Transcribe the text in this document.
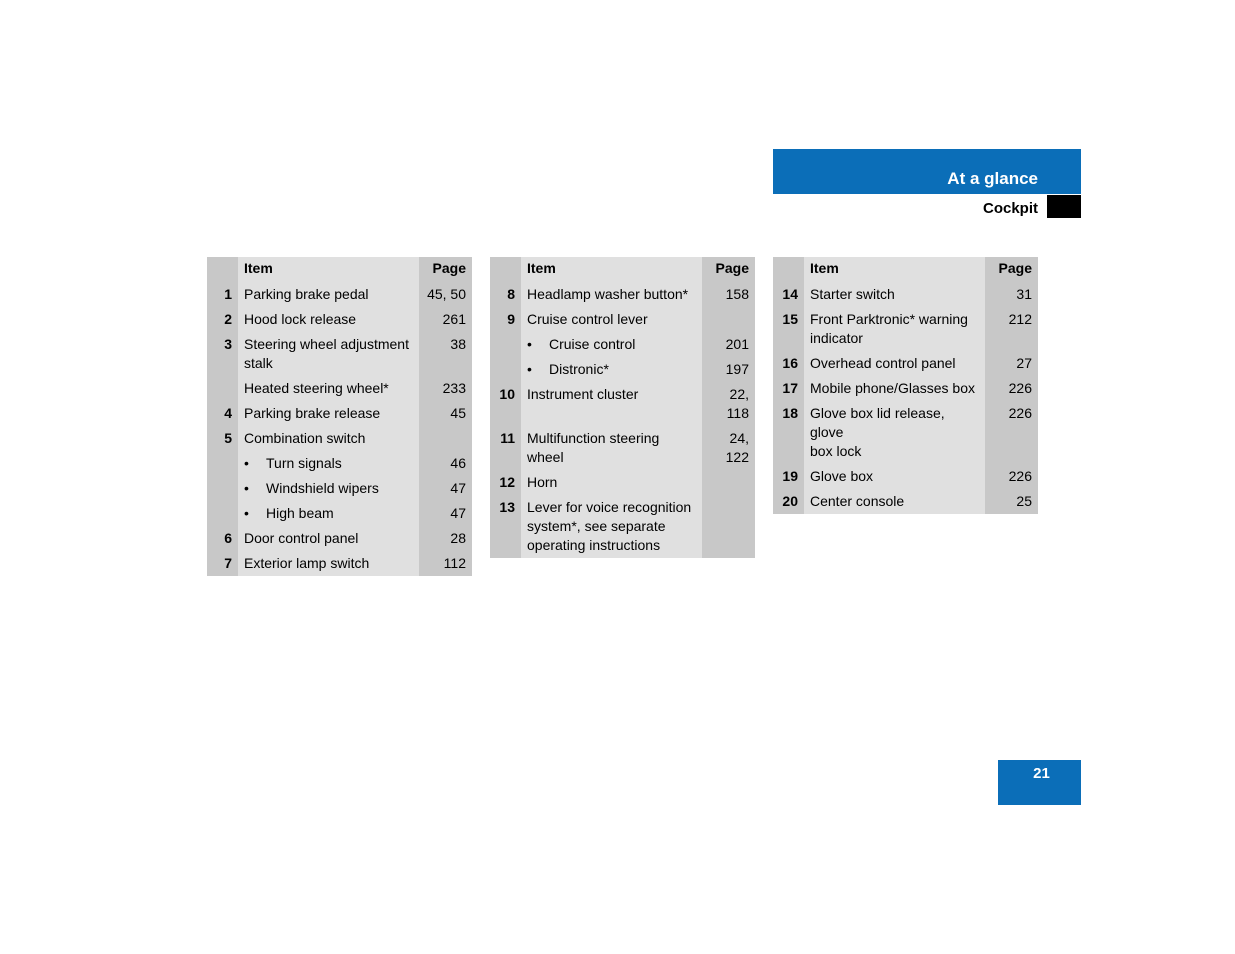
At a glance
Cockpit
	Item	Page
1	Parking brake pedal	45, 50
2	Hood lock release	261
3	Steering wheel adjustment
stalk	38
	Heated steering wheel*	233
4	Parking brake release	45
5	Combination switch	
	• Turn signals	46
	• Windshield wipers	47
	• High beam	47
6	Door control panel	28
7	Exterior lamp switch	112
	Item	Page
8	Headlamp washer button*	158
9	Cruise control lever	
	• Cruise control	201
	• Distronic*	197
10	Instrument cluster	22,
118
11	Multifunction steering
wheel	24,
122
12	Horn	
13	Lever for voice recognition
system*, see separate
operating instructions	
	Item	Page
14	Starter switch	31
15	Front Parktronic* warning
indicator	212
16	Overhead control panel	27
17	Mobile phone/Glasses box	226
18	Glove box lid release, glove
box lock	226
19	Glove box	226
20	Center console	25
21
